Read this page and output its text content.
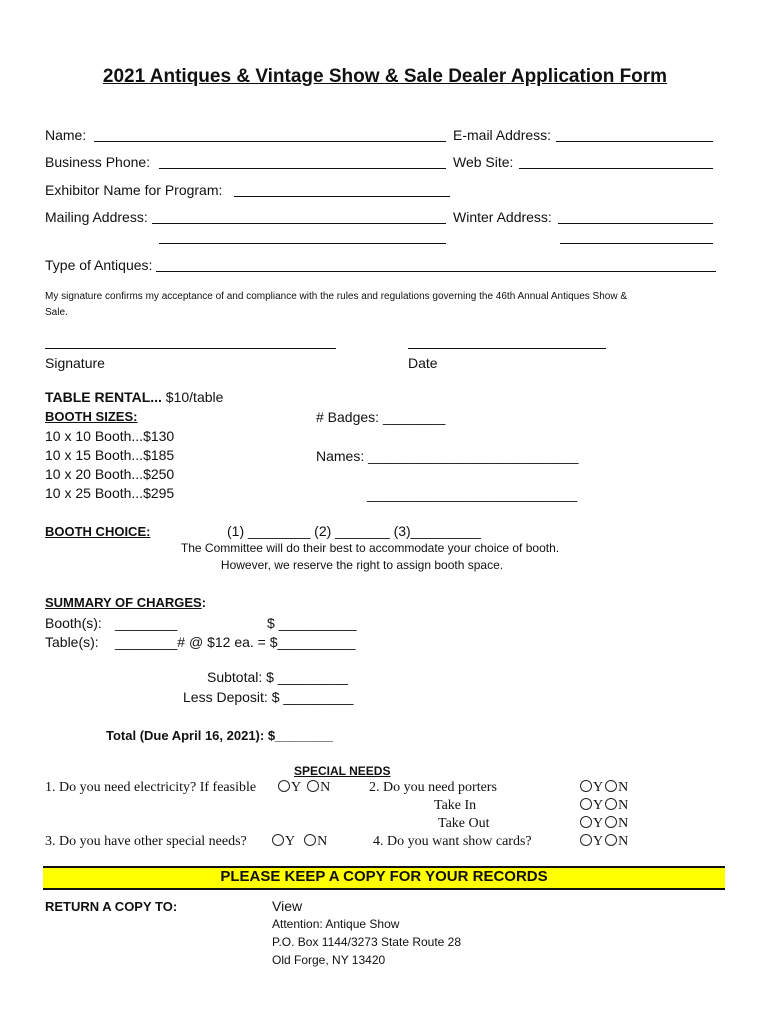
2021 Antiques & Vintage Show & Sale Dealer Application Form
Name:	E-mail Address:
Business Phone:	Web Site:
Exhibitor Name for Program:
Mailing Address:	Winter Address:
Type of Antiques:
My signature confirms my acceptance of and compliance with the rules and regulations governing the 46th Annual Antiques Show &
Sale.
Signature	Date
TABLE RENTAL... $10/table
BOOTH SIZES:
10 x 10 Booth...$130
10 x 15 Booth...$185
10 x 20 Booth...$250
10 x 25 Booth...$295
# Badges: ________
Names: ___________________________
___________________________
BOOTH CHOICE:	(1) ________ (2) _______ (3)_________
The Committee will do their best to accommodate your choice of booth.
However, we reserve the right to assign booth space.
SUMMARY OF CHARGES:
Booth(s): ________	$ __________
Table(s): ________# @ $12 ea. = $__________
Subtotal: $ _________
Less Deposit: $ _________
Total (Due April 16, 2021): $________
SPECIAL NEEDS
1. Do you need electricity? If feasible	Y N	2. Do you need porters	Y N
Take In	Y N
Take Out	Y N
3. Do you have other special needs?	Y N	4. Do you want show cards?	Y N
PLEASE KEEP A COPY FOR YOUR RECORDS
RETURN A COPY TO:	View
Attention: Antique Show
P.O. Box 1144/3273 State Route 28
Old Forge, NY 13420
